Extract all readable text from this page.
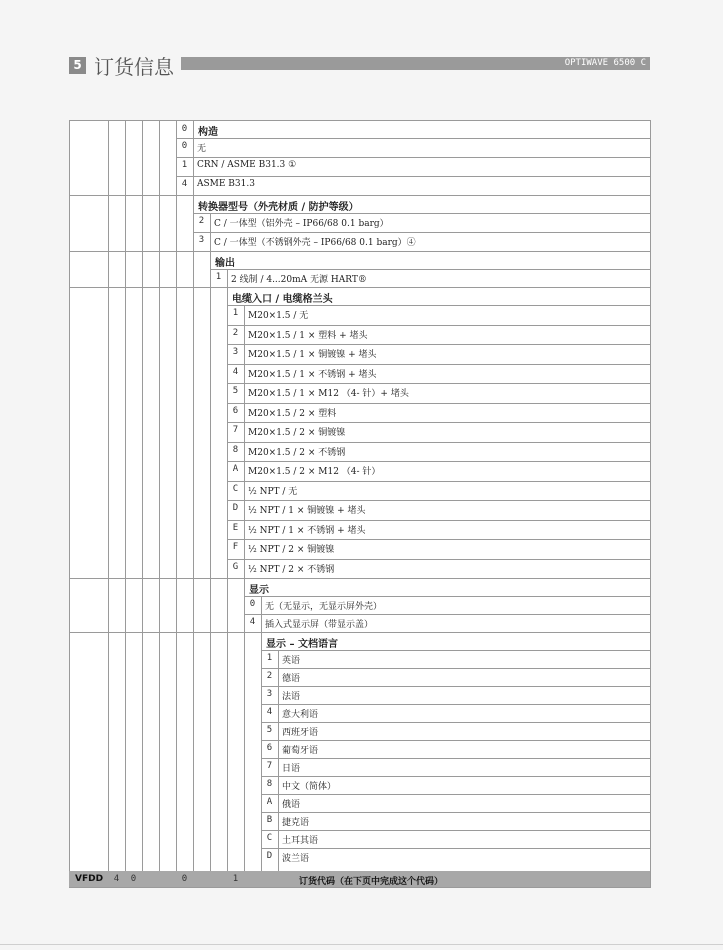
5 订货信息	OPTIWAVE 6500 C
0	构造
0	无
1	CRN / ASME B31.3 ①
4	ASME B31.3
转换器型号（外壳材质 / 防护等级）
2	C / 一体型（铝外壳 – IP66/68 0.1 barg）
3	C / 一体型（不锈钢外壳 – IP66/68 0.1 barg）④
输出
1	2 线制 / 4...20mA 无源 HART®
电缆入口 / 电缆格兰头
1	M20×1.5 / 无
2	M20×1.5 / 1 × 塑料 + 堵头
3	M20×1.5 / 1 × 铜镀镍 + 堵头
4	M20×1.5 / 1 × 不锈钢 + 堵头
5	M20×1.5 / 1 × M12 （4- 针）+ 堵头
6	M20×1.5 / 2 × 塑料
7	M20×1.5 / 2 × 铜镀镍
8	M20×1.5 / 2 × 不锈钢
A	M20×1.5 / 2 × M12 （4- 针）
C	½ NPT / 无
D	½ NPT / 1 × 铜镀镍 + 堵头
E	½ NPT / 1 × 不锈钢 + 堵头
F	½ NPT / 2 × 铜镀镍
G	½ NPT / 2 × 不锈钢
显示
0	无（无显示，无显示屏外壳）
4	插入式显示屏（带显示盖）
显示 – 文档语言
1	英语
2	德语
3	法语
4	意大利语
5	西班牙语
6	葡萄牙语
7	日语
8	中文（简体）
A	俄语
B	捷克语
C	土耳其语
D	波兰语
VFDD	4	0	0	1	订货代码（在下页中完成这个代码）
